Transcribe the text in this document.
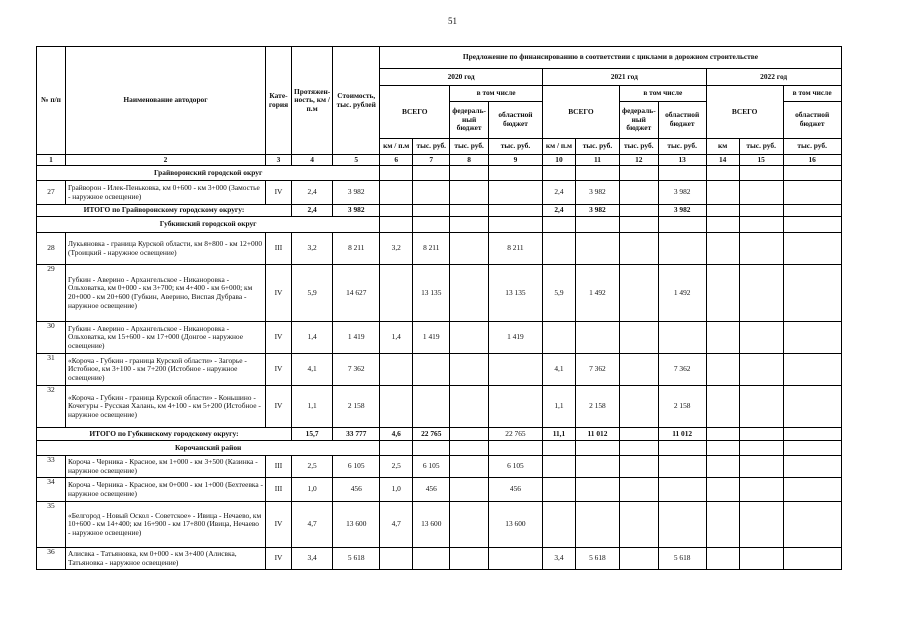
51
№ п/п	Наименование автодорог	Кате-гория	Протяжен-ность, км / п.м	Стоимость, тыс. рублей	Предложение по финансированию в соответствии с циклами в дорожном строительстве										
					2020 год				2021 год				2022 год		
					ВСЕГО		в том числе		ВСЕГО		в том числе		ВСЕГО		в том числе
							федераль-ный бюджет	областной бюджет			федераль-ный бюджет	областной бюджет			областной бюджет
					км / п.м	тыс. руб.	тыс. руб.	тыс. руб.	км / п.м	тыс. руб.	тыс. руб.	тыс. руб.	км	тыс. руб.	тыс. руб.
1	2	3	4	5	6	7	8	9	10	11	12	13	14	15	16
Грайворонский городской округ															
27	Грайворон - Илек-Пеньковка, км 0+600 - км 3+000 (Замостье - наружное освещение)	IV	2,4	3 982					2,4	3 982		3 982			
ИТОГО по Грайворонскому городскому округу:			2,4	3 982					2,4	3 982		3 982			
Губкинский городской округ															
28	Лукьяновка - граница Курской области, км 8+800 - км 12+000 (Троицкий - наружное освещение)	III	3,2	8 211	3,2	8 211		8 211							
29	Губкин - Аверино - Архангельское - Никаноровка - Ольховатка, км 0+000 - км 3+700; км 4+400 - км 6+000; км 20+000 - км 20+600 (Губкин, Аверино, Виспая Дубрава - наружное освещение)	IV	5,9	14 627		13 135		13 135	5,9	1 492		1 492			
30	Губкин - Аверино - Архангельское - Никаноровка - Ольховатка, км 15+600 - км 17+000 (Донгое - наружное освещение)	IV	1,4	1 419	1,4	1 419		1 419							
31	«Короча - Губкин - граница Курской области» - Загорье - Истобное, км 3+100 - км 7+200 (Истобное - наружное освещение)	IV	4,1	7 362					4,1	7 362		7 362			
32	«Короча - Губкин - граница Курской области» - Коньшино - Кочегуры - Русская Халань, км 4+100 - км 5+200 (Истобное - наружное освещение)	IV	1,1	2 158					1,1	2 158		2 158			
ИТОГО по Губкинскому городскому округу:			15,7	33 777	4,6	22 765		22 765	11,1	11 012		11 012			
Корочанский район															
33	Короча - Черника - Красное, км 1+000 - км 3+500 (Казинка - наружное освещение)	III	2,5	6 105	2,5	6 105		6 105							
34	Короча - Черника - Красное, км 0+000 - км 1+000 (Бехтеевка - наружное освещение)	III	1,0	456	1,0	456		456							
35	«Белгород - Новый Оскол - Советское» - Ивица - Нечаево, км 10+600 - км 14+400; км 16+900 - км 17+800 (Ивица, Нечаево - наружное освещение)	IV	4,7	13 600	4,7	13 600		13 600							
36	Алисвка - Татьяновка, км 0+000 - км 3+400 (Алисвка, Татьяновка - наружное освещение)	IV	3,4	5 618					3,4	5 618		5 618			
